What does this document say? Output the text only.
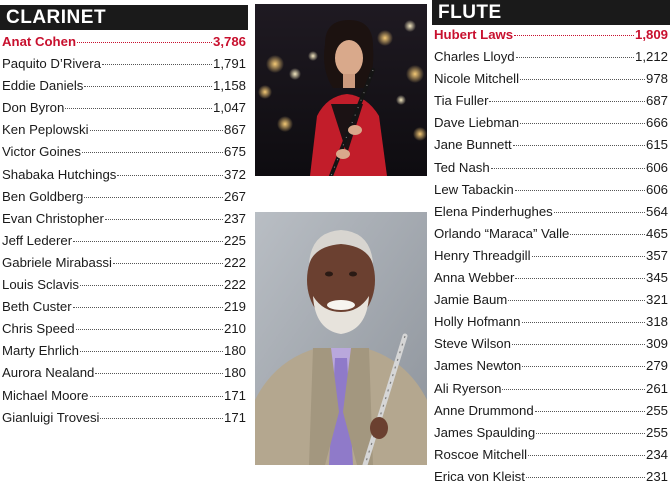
CLARINET
Anat Cohen	3,786
Paquito D’Rivera	1,791
Eddie Daniels	1,158
Don Byron	1,047
Ken Peplowski	867
Victor Goines	675
Shabaka Hutchings	372
Ben Goldberg	267
Evan Christopher	237
Jeff Lederer	225
Gabriele Mirabassi	222
Louis Sclavis	222
Beth Custer	219
Chris Speed	210
Marty Ehrlich	180
Aurora Nealand	180
Michael Moore	171
Gianluigi Trovesi	171
FLUTE
Hubert Laws	1,809
Charles Lloyd	1,212
Nicole Mitchell	978
Tia Fuller	687
Dave Liebman	666
Jane Bunnett	615
Ted Nash	606
Lew Tabackin	606
Elena Pinderhughes	564
Orlando “Maraca” Valle	465
Henry Threadgill	357
Anna Webber	345
Jamie Baum	321
Holly Hofmann	318
Steve Wilson	309
James Newton	279
Ali Ryerson	261
Anne Drummond	255
James Spaulding	255
Roscoe Mitchell	234
Erica von Kleist	231
